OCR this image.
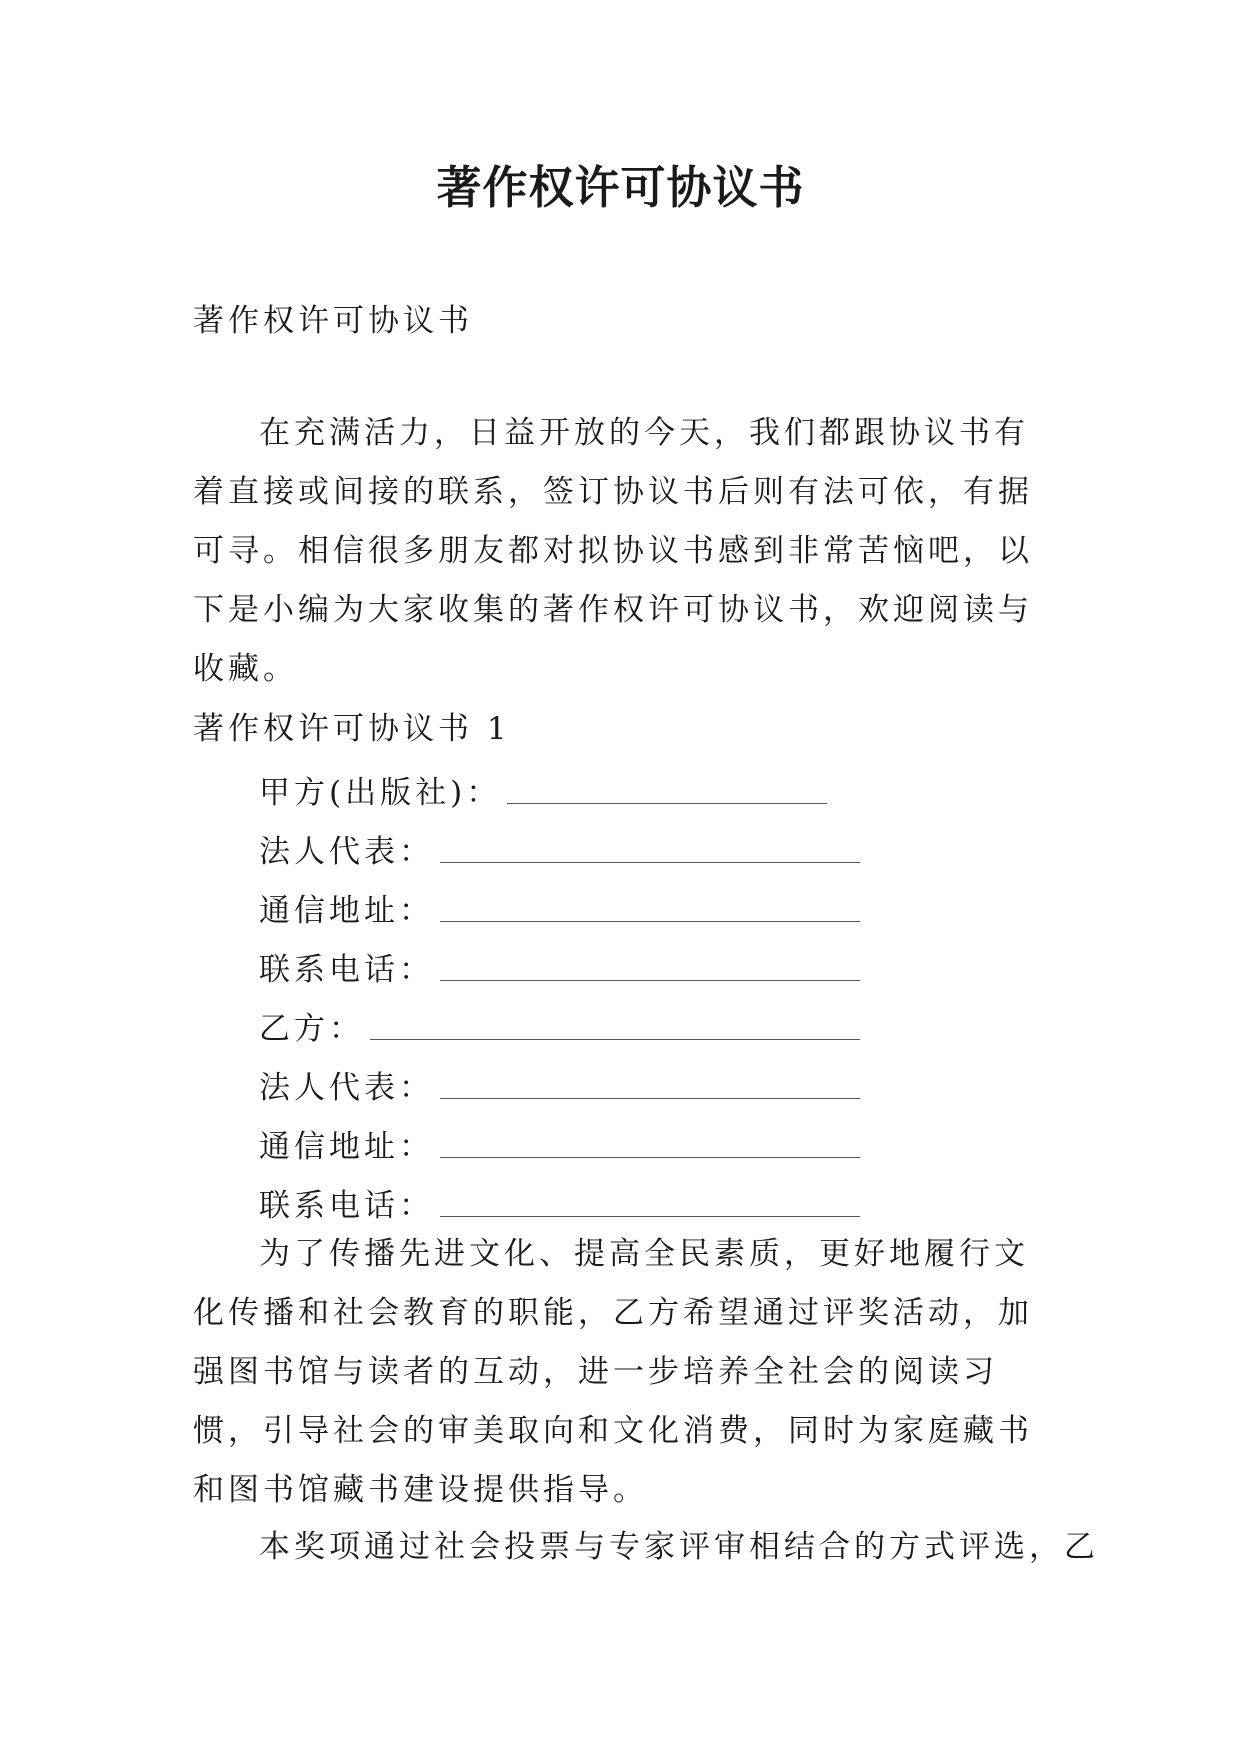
著作权许可协议书

著作权许可协议书

在充满活力，日益开放的今天，我们都跟协议书有着直接或间接的联系，签订协议书后则有法可依，有据可寻。相信很多朋友都对拟协议书感到非常苦恼吧，以下是小编为大家收集的著作权许可协议书，欢迎阅读与收藏。

著作权许可协议书 1

甲方(出版社)：
法人代表：
通信地址：
联系电话：
乙方：
法人代表：
通信地址：
联系电话：

为了传播先进文化、提高全民素质，更好地履行文化传播和社会教育的职能，乙方希望通过评奖活动，加强图书馆与读者的互动，进一步培养全社会的阅读习惯，引导社会的审美取向和文化消费，同时为家庭藏书和图书馆藏书建设提供指导。

本奖项通过社会投票与专家评审相结合的方式评选，乙
